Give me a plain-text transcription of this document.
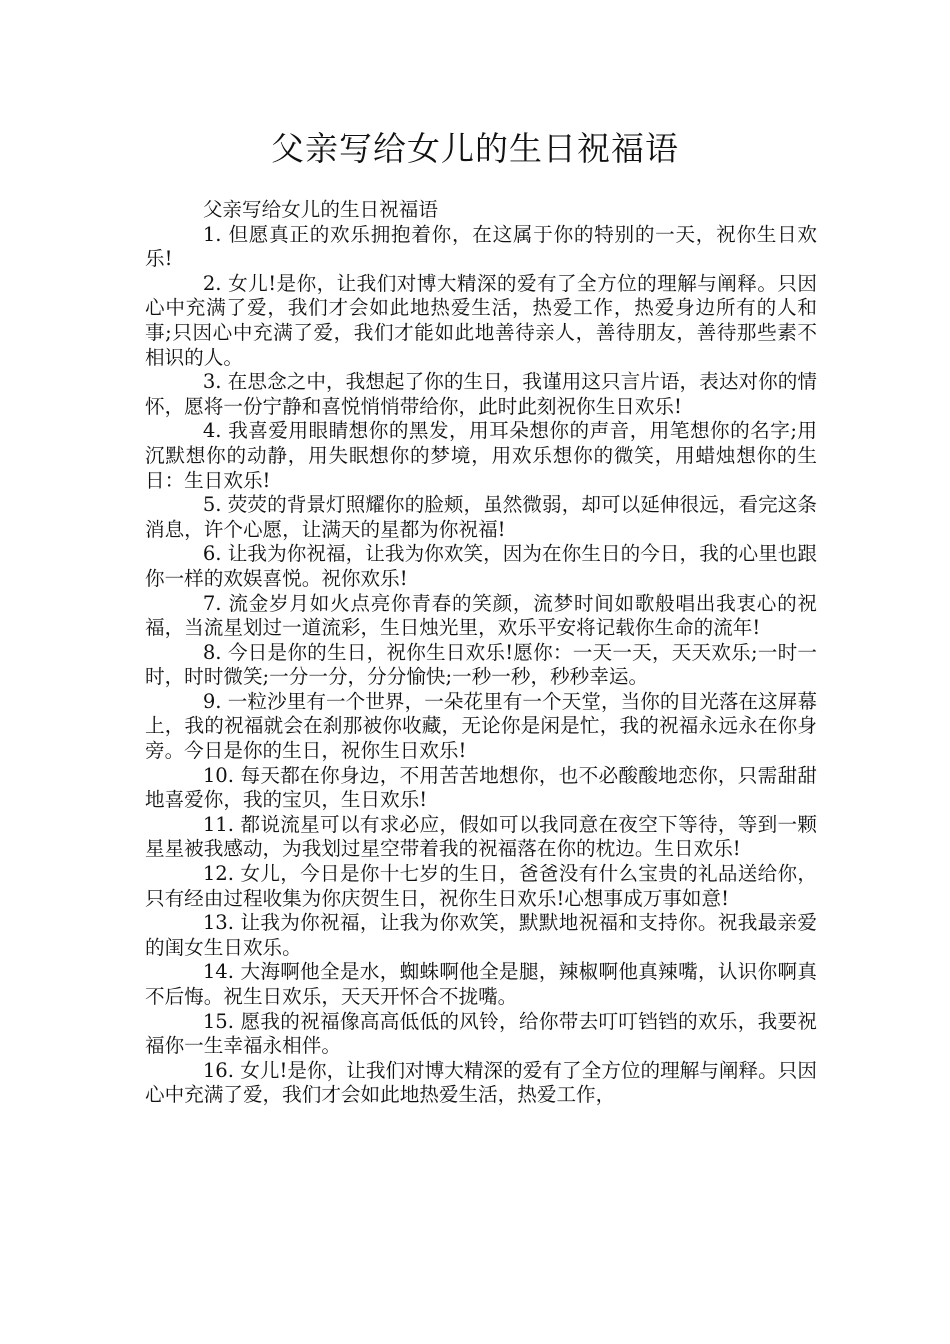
父亲写给女儿的生日祝福语

父亲写给女儿的生日祝福语

1. 但愿真正的欢乐拥抱着你，在这属于你的特别的一天，祝你生日欢乐!

2. 女儿!是你，让我们对博大精深的爱有了全方位的理解与阐释。只因心中充满了爱，我们才会如此地热爱生活，热爱工作，热爱身边所有的人和事;只因心中充满了爱，我们才能如此地善待亲人，善待朋友，善待那些素不相识的人。

3. 在思念之中，我想起了你的生日，我谨用这只言片语，表达对你的情怀，愿将一份宁静和喜悦悄悄带给你，此时此刻祝你生日欢乐!

4. 我喜爱用眼睛想你的黑发，用耳朵想你的声音，用笔想你的名字;用沉默想你的动静，用失眠想你的梦境，用欢乐想你的微笑，用蜡烛想你的生日：生日欢乐!

5. 荧荧的背景灯照耀你的脸颊，虽然微弱，却可以延伸很远，看完这条消息，许个心愿，让满天的星都为你祝福!

6. 让我为你祝福，让我为你欢笑，因为在你生日的今日，我的心里也跟你一样的欢娱喜悦。祝你欢乐!

7. 流金岁月如火点亮你青春的笑颜，流梦时间如歌般唱出我衷心的祝福，当流星划过一道流彩，生日烛光里，欢乐平安将记载你生命的流年!

8. 今日是你的生日，祝你生日欢乐!愿你：一天一天，天天欢乐;一时一时，时时微笑;一分一分，分分愉快;一秒一秒，秒秒幸运。

9. 一粒沙里有一个世界，一朵花里有一个天堂，当你的目光落在这屏幕上，我的祝福就会在刹那被你收藏，无论你是闲是忙，我的祝福永远永在你身旁。今日是你的生日，祝你生日欢乐!

10. 每天都在你身边，不用苦苦地想你，也不必酸酸地恋你，只需甜甜地喜爱你，我的宝贝，生日欢乐!

11. 都说流星可以有求必应，假如可以我同意在夜空下等待，等到一颗星星被我感动，为我划过星空带着我的祝福落在你的枕边。生日欢乐!

12. 女儿，今日是你十七岁的生日，爸爸没有什么宝贵的礼品送给你，只有经由过程收集为你庆贺生日，祝你生日欢乐!心想事成万事如意!

13. 让我为你祝福，让我为你欢笑，默默地祝福和支持你。祝我最亲爱的闺女生日欢乐。

14. 大海啊他全是水，蜘蛛啊他全是腿，辣椒啊他真辣嘴，认识你啊真不后悔。祝生日欢乐，天天开怀合不拢嘴。

15. 愿我的祝福像高高低低的风铃，给你带去叮叮铛铛的欢乐，我要祝福你一生幸福永相伴。

16. 女儿!是你，让我们对博大精深的爱有了全方位的理解与阐释。只因心中充满了爱，我们才会如此地热爱生活，热爱工作，
